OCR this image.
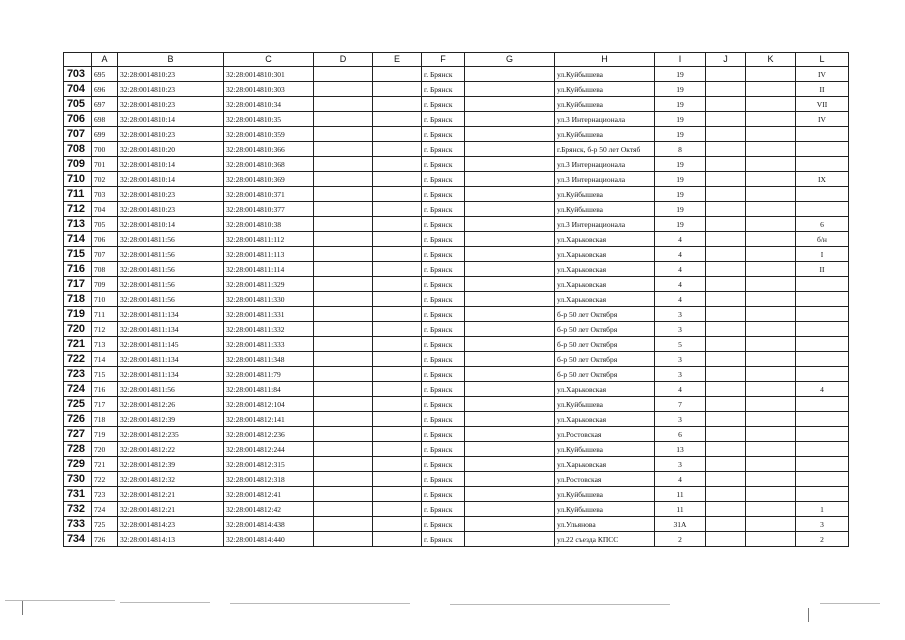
	A	B	C	D	E	F	G	H	I	J	K	L
703	695	32:28:0014810:23	32:28:0014810:301			г. Брянск		ул.Куйбышева	19			IV
704	696	32:28:0014810:23	32:28:0014810:303			г. Брянск		ул.Куйбышева	19			II
705	697	32:28:0014810:23	32:28:0014810:34			г. Брянск		ул.Куйбышева	19			VII
706	698	32:28:0014810:14	32:28:0014810:35			г. Брянск		ул.3 Интернационала	19			IV
707	699	32:28:0014810:23	32:28:0014810:359			г. Брянск		ул.Куйбышева	19			
708	700	32:28:0014810:20	32:28:0014810:366			г. Брянск		г.Брянск, б-р 50 лет Октяб	8			
709	701	32:28:0014810:14	32:28:0014810:368			г. Брянск		ул.3 Интернационала	19			
710	702	32:28:0014810:14	32:28:0014810:369			г. Брянск		ул.3 Интернационала	19			IX
711	703	32:28:0014810:23	32:28:0014810:371			г. Брянск		ул.Куйбышева	19			
712	704	32:28:0014810:23	32:28:0014810:377			г. Брянск		ул.Куйбышева	19			
713	705	32:28:0014810:14	32:28:0014810:38			г. Брянск		ул.3 Интернационала	19			6
714	706	32:28:0014811:56	32:28:0014811:112			г. Брянск		ул.Харьковская	4			б/н
715	707	32:28:0014811:56	32:28:0014811:113			г. Брянск		ул.Харьковская	4			I
716	708	32:28:0014811:56	32:28:0014811:114			г. Брянск		ул.Харьковская	4			II
717	709	32:28:0014811:56	32:28:0014811:329			г. Брянск		ул.Харьковская	4			
718	710	32:28:0014811:56	32:28:0014811:330			г. Брянск		ул.Харьковская	4			
719	711	32:28:0014811:134	32:28:0014811:331			г. Брянск		б-р 50 лет Октября	3			
720	712	32:28:0014811:134	32:28:0014811:332			г. Брянск		б-р 50 лет Октября	3			
721	713	32:28:0014811:145	32:28:0014811:333			г. Брянск		б-р 50 лет Октября	5			
722	714	32:28:0014811:134	32:28:0014811:348			г. Брянск		б-р 50 лет Октября	3			
723	715	32:28:0014811:134	32:28:0014811:79			г. Брянск		б-р 50 лет Октября	3			
724	716	32:28:0014811:56	32:28:0014811:84			г. Брянск		ул.Харьковская	4			4
725	717	32:28:0014812:26	32:28:0014812:104			г. Брянск		ул.Куйбышева	7			
726	718	32:28:0014812:39	32:28:0014812:141			г. Брянск		ул.Харьковская	3			
727	719	32:28:0014812:235	32:28:0014812:236			г. Брянск		ул.Ростовская	6			
728	720	32:28:0014812:22	32:28:0014812:244			г. Брянск		ул.Куйбышева	13			
729	721	32:28:0014812:39	32:28:0014812:315			г. Брянск		ул.Харьковская	3			
730	722	32:28:0014812:32	32:28:0014812:318			г. Брянск		ул.Ростовская	4			
731	723	32:28:0014812:21	32:28:0014812:41			г. Брянск		ул.Куйбышева	11			
732	724	32:28:0014812:21	32:28:0014812:42			г. Брянск		ул.Куйбышева	11			1
733	725	32:28:0014814:23	32:28:0014814:438			г. Брянск		ул.Ульянова	31А			3
734	726	32:28:0014814:13	32:28:0014814:440			г. Брянск		ул.22 съезда КПСС	2			2
